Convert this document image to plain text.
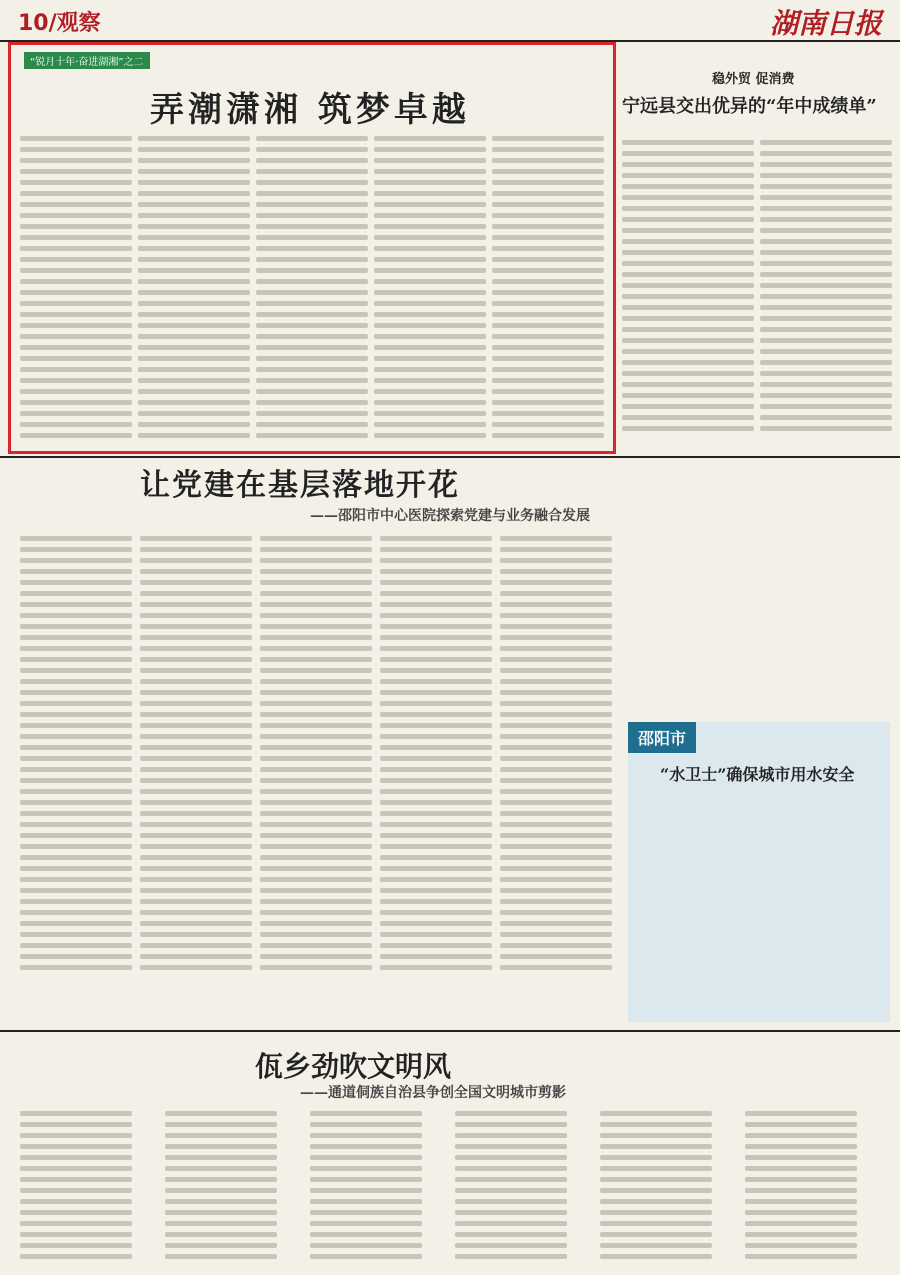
10/观察	湖南日报
“锐月十年·奋进湖湘”之二
弄潮潇湘 筑梦卓越
稳外贸 促消费
宁远县交出优异的“年中成绩单”
让党建在基层落地开花
——邵阳市中心医院探索党建与业务融合发展
邵阳市
“水卫士”确保城市用水安全
佤乡劲吹文明风
——通道侗族自治县争创全国文明城市剪影
